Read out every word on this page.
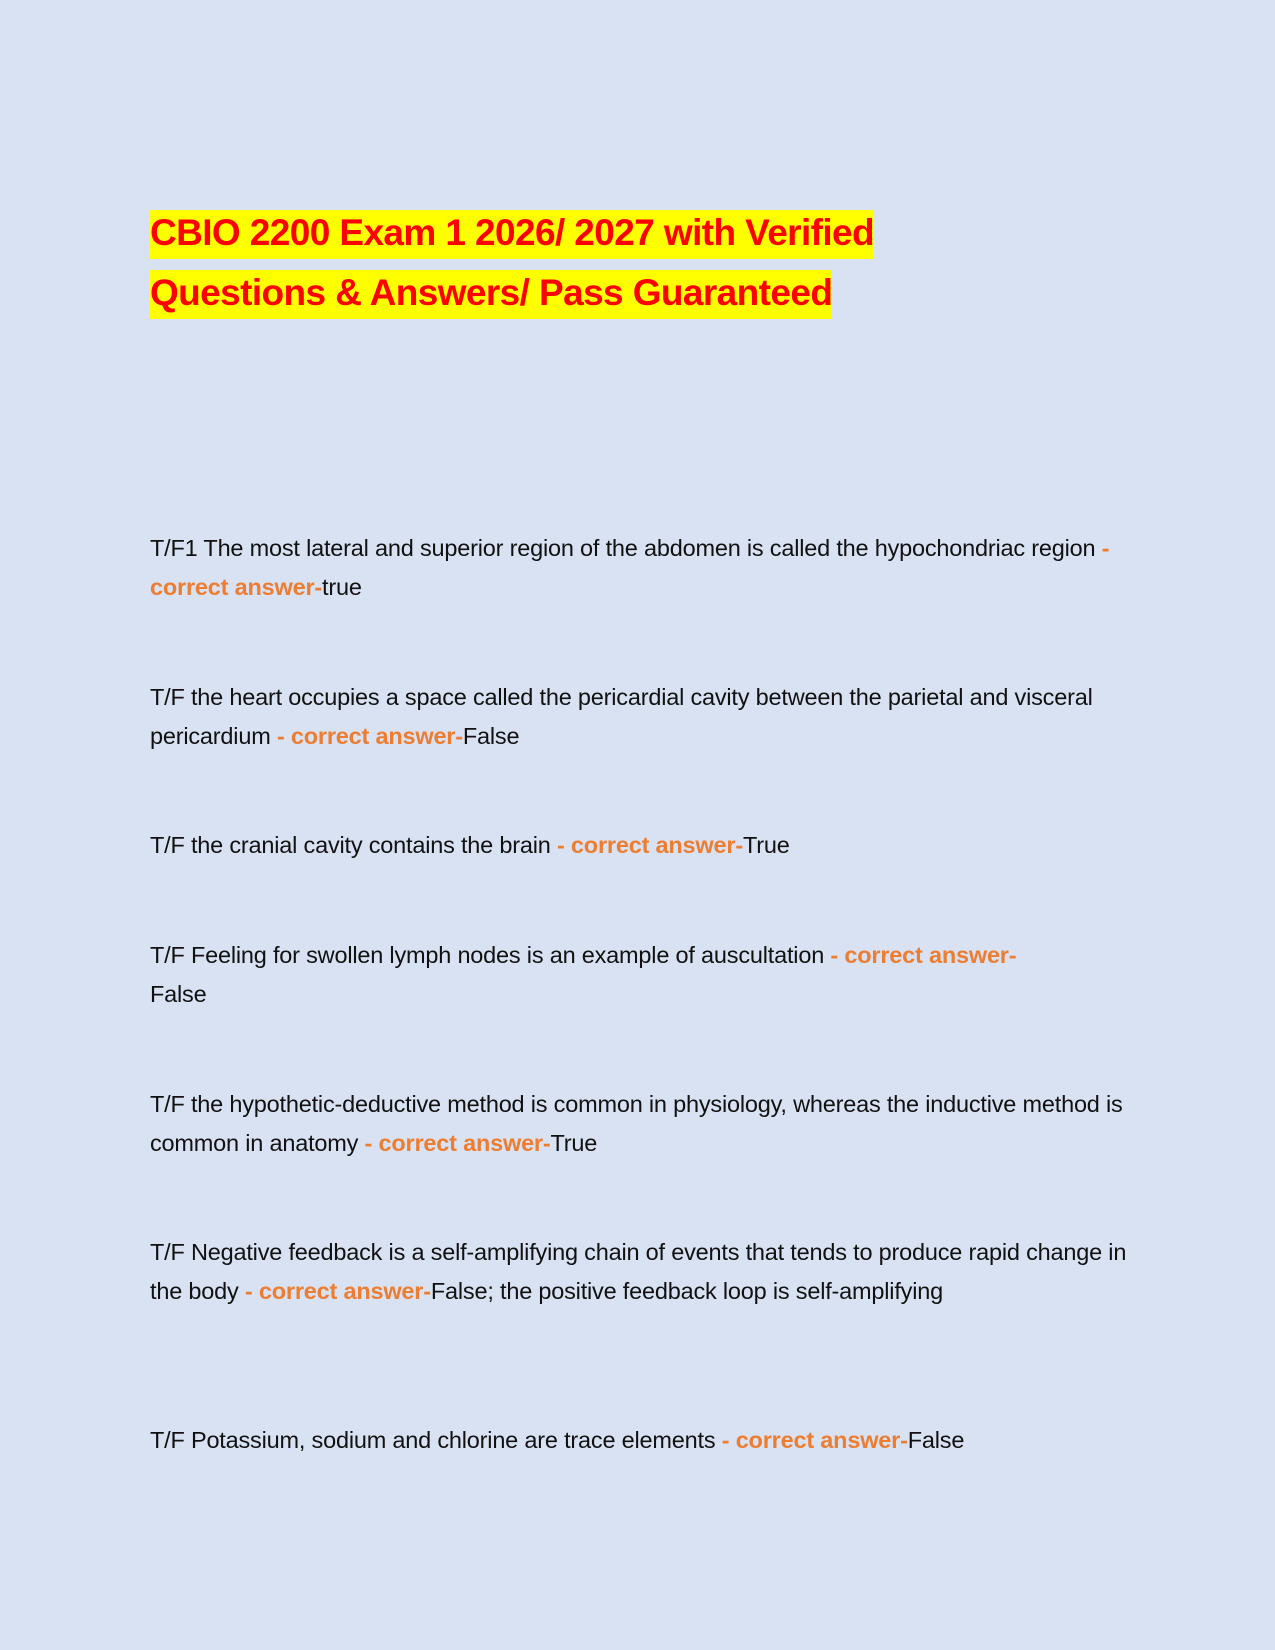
CBIO 2200 Exam 1 2026/ 2027 with Verified
Questions & Answers/ Pass Guaranteed
T/F1 The most lateral and superior region of the abdomen is called the hypochondriac region - correct answer-true
T/F the heart occupies a space called the pericardial cavity between the parietal and visceral pericardium - correct answer-False
T/F the cranial cavity contains the brain - correct answer-True
T/F Feeling for swollen lymph nodes is an example of auscultation - correct answer-False
T/F the hypothetic-deductive method is common in physiology, whereas the inductive method is common in anatomy - correct answer-True
T/F Negative feedback is a self-amplifying chain of events that tends to produce rapid change in the body - correct answer-False; the positive feedback loop is self-amplifying
T/F Potassium, sodium and chlorine are trace elements - correct answer-False
